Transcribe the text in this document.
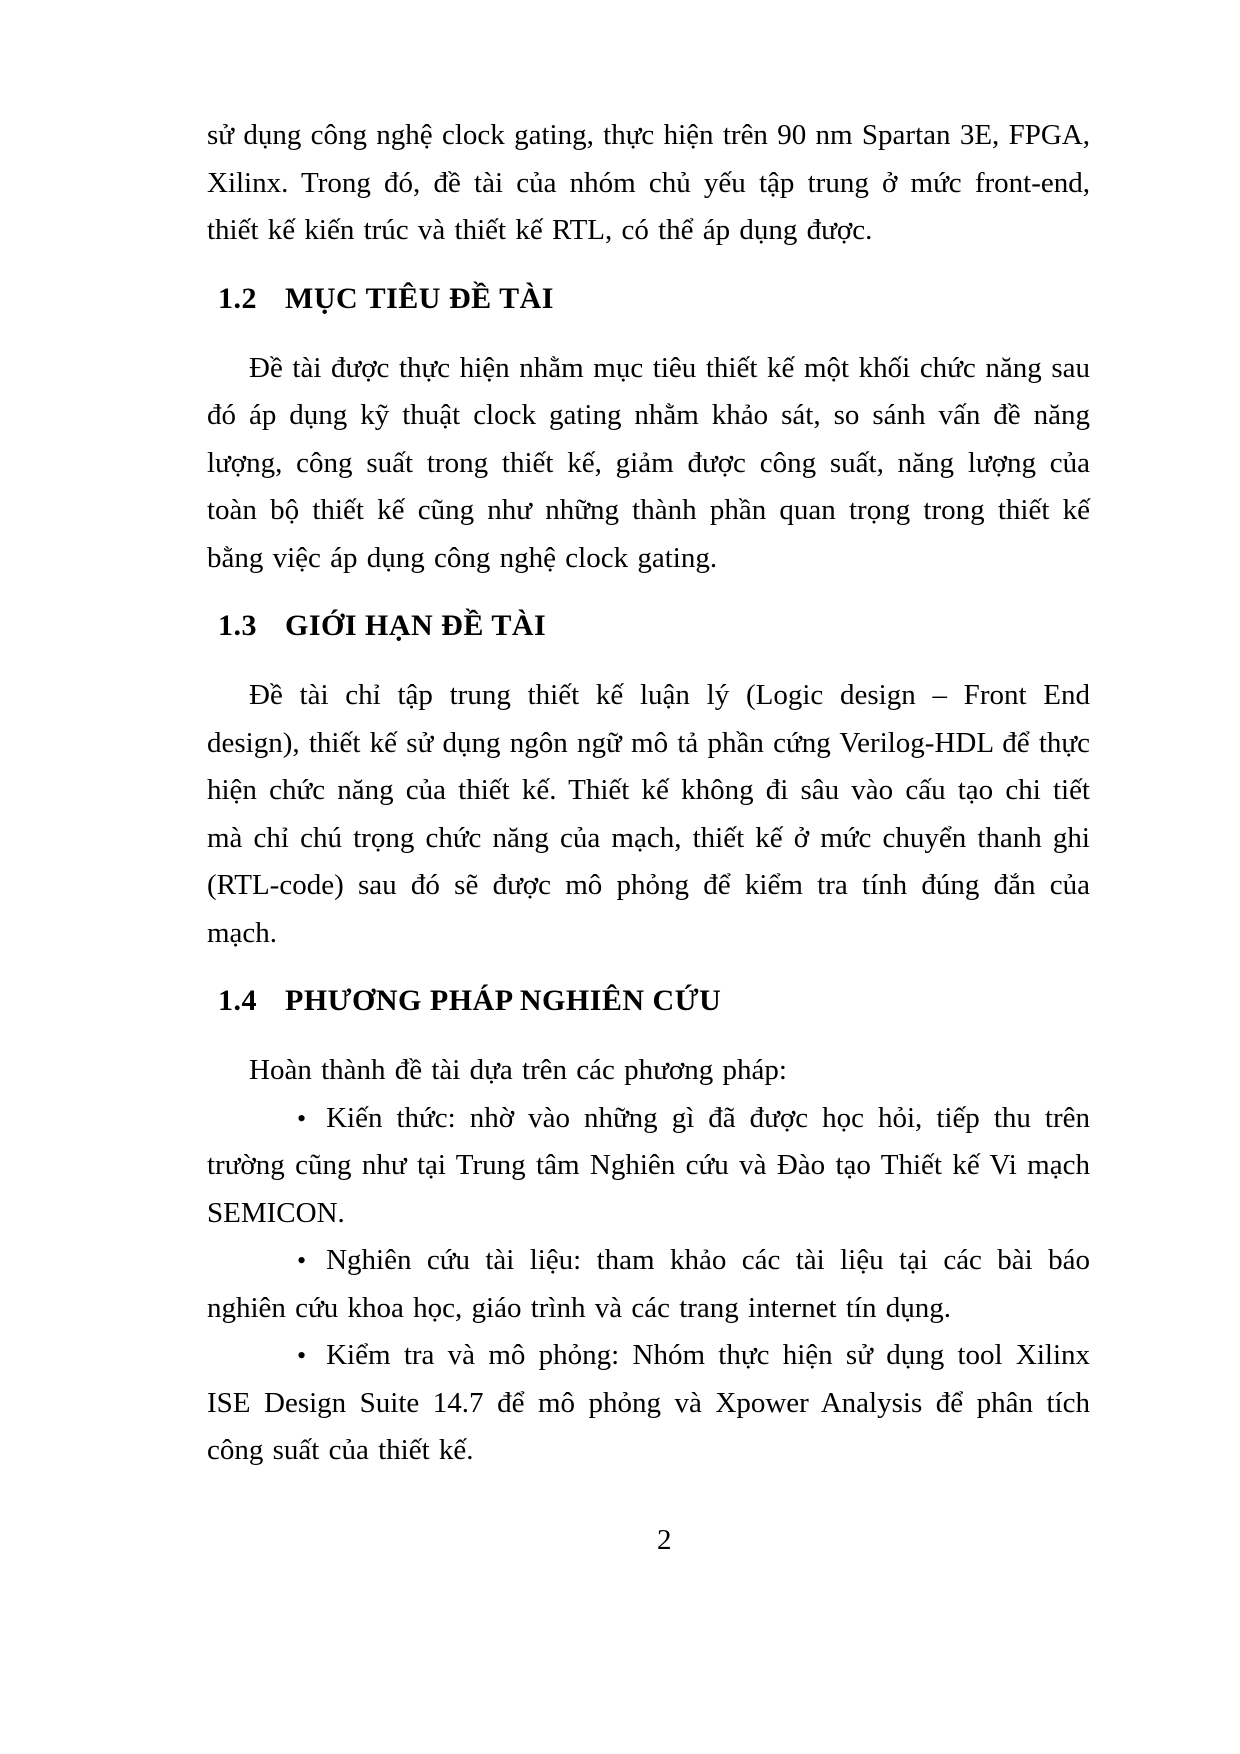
sử dụng công nghệ clock gating, thực hiện trên 90 nm Spartan 3E, FPGA, Xilinx. Trong đó, đề tài của nhóm chủ yếu tập trung ở mức front-end, thiết kế kiến trúc và thiết kế RTL, có thể áp dụng được.

1.2 MỤC TIÊU ĐỀ TÀI

Đề tài được thực hiện nhằm mục tiêu thiết kế một khối chức năng sau đó áp dụng kỹ thuật clock gating nhằm khảo sát, so sánh vấn đề năng lượng, công suất trong thiết kế, giảm được công suất, năng lượng của toàn bộ thiết kế cũng như những thành phần quan trọng trong thiết kế bằng việc áp dụng công nghệ clock gating.

1.3 GIỚI HẠN ĐỀ TÀI

Đề tài chỉ tập trung thiết kế luận lý (Logic design – Front End design), thiết kế sử dụng ngôn ngữ mô tả phần cứng Verilog-HDL để thực hiện chức năng của thiết kế. Thiết kế không đi sâu vào cấu tạo chi tiết mà chỉ chú trọng chức năng của mạch, thiết kế ở mức chuyển thanh ghi (RTL-code) sau đó sẽ được mô phỏng để kiểm tra tính đúng đắn của mạch.

1.4 PHƯƠNG PHÁP NGHIÊN CỨU

Hoàn thành đề tài dựa trên các phương pháp:

• Kiến thức: nhờ vào những gì đã được học hỏi, tiếp thu trên trường cũng như tại Trung tâm Nghiên cứu và Đào tạo Thiết kế Vi mạch SEMICON.

• Nghiên cứu tài liệu: tham khảo các tài liệu tại các bài báo nghiên cứu khoa học, giáo trình và các trang internet tín dụng.

• Kiểm tra và mô phỏng: Nhóm thực hiện sử dụng tool Xilinx ISE Design Suite 14.7 để mô phỏng và Xpower Analysis để phân tích công suất của thiết kế.

2
